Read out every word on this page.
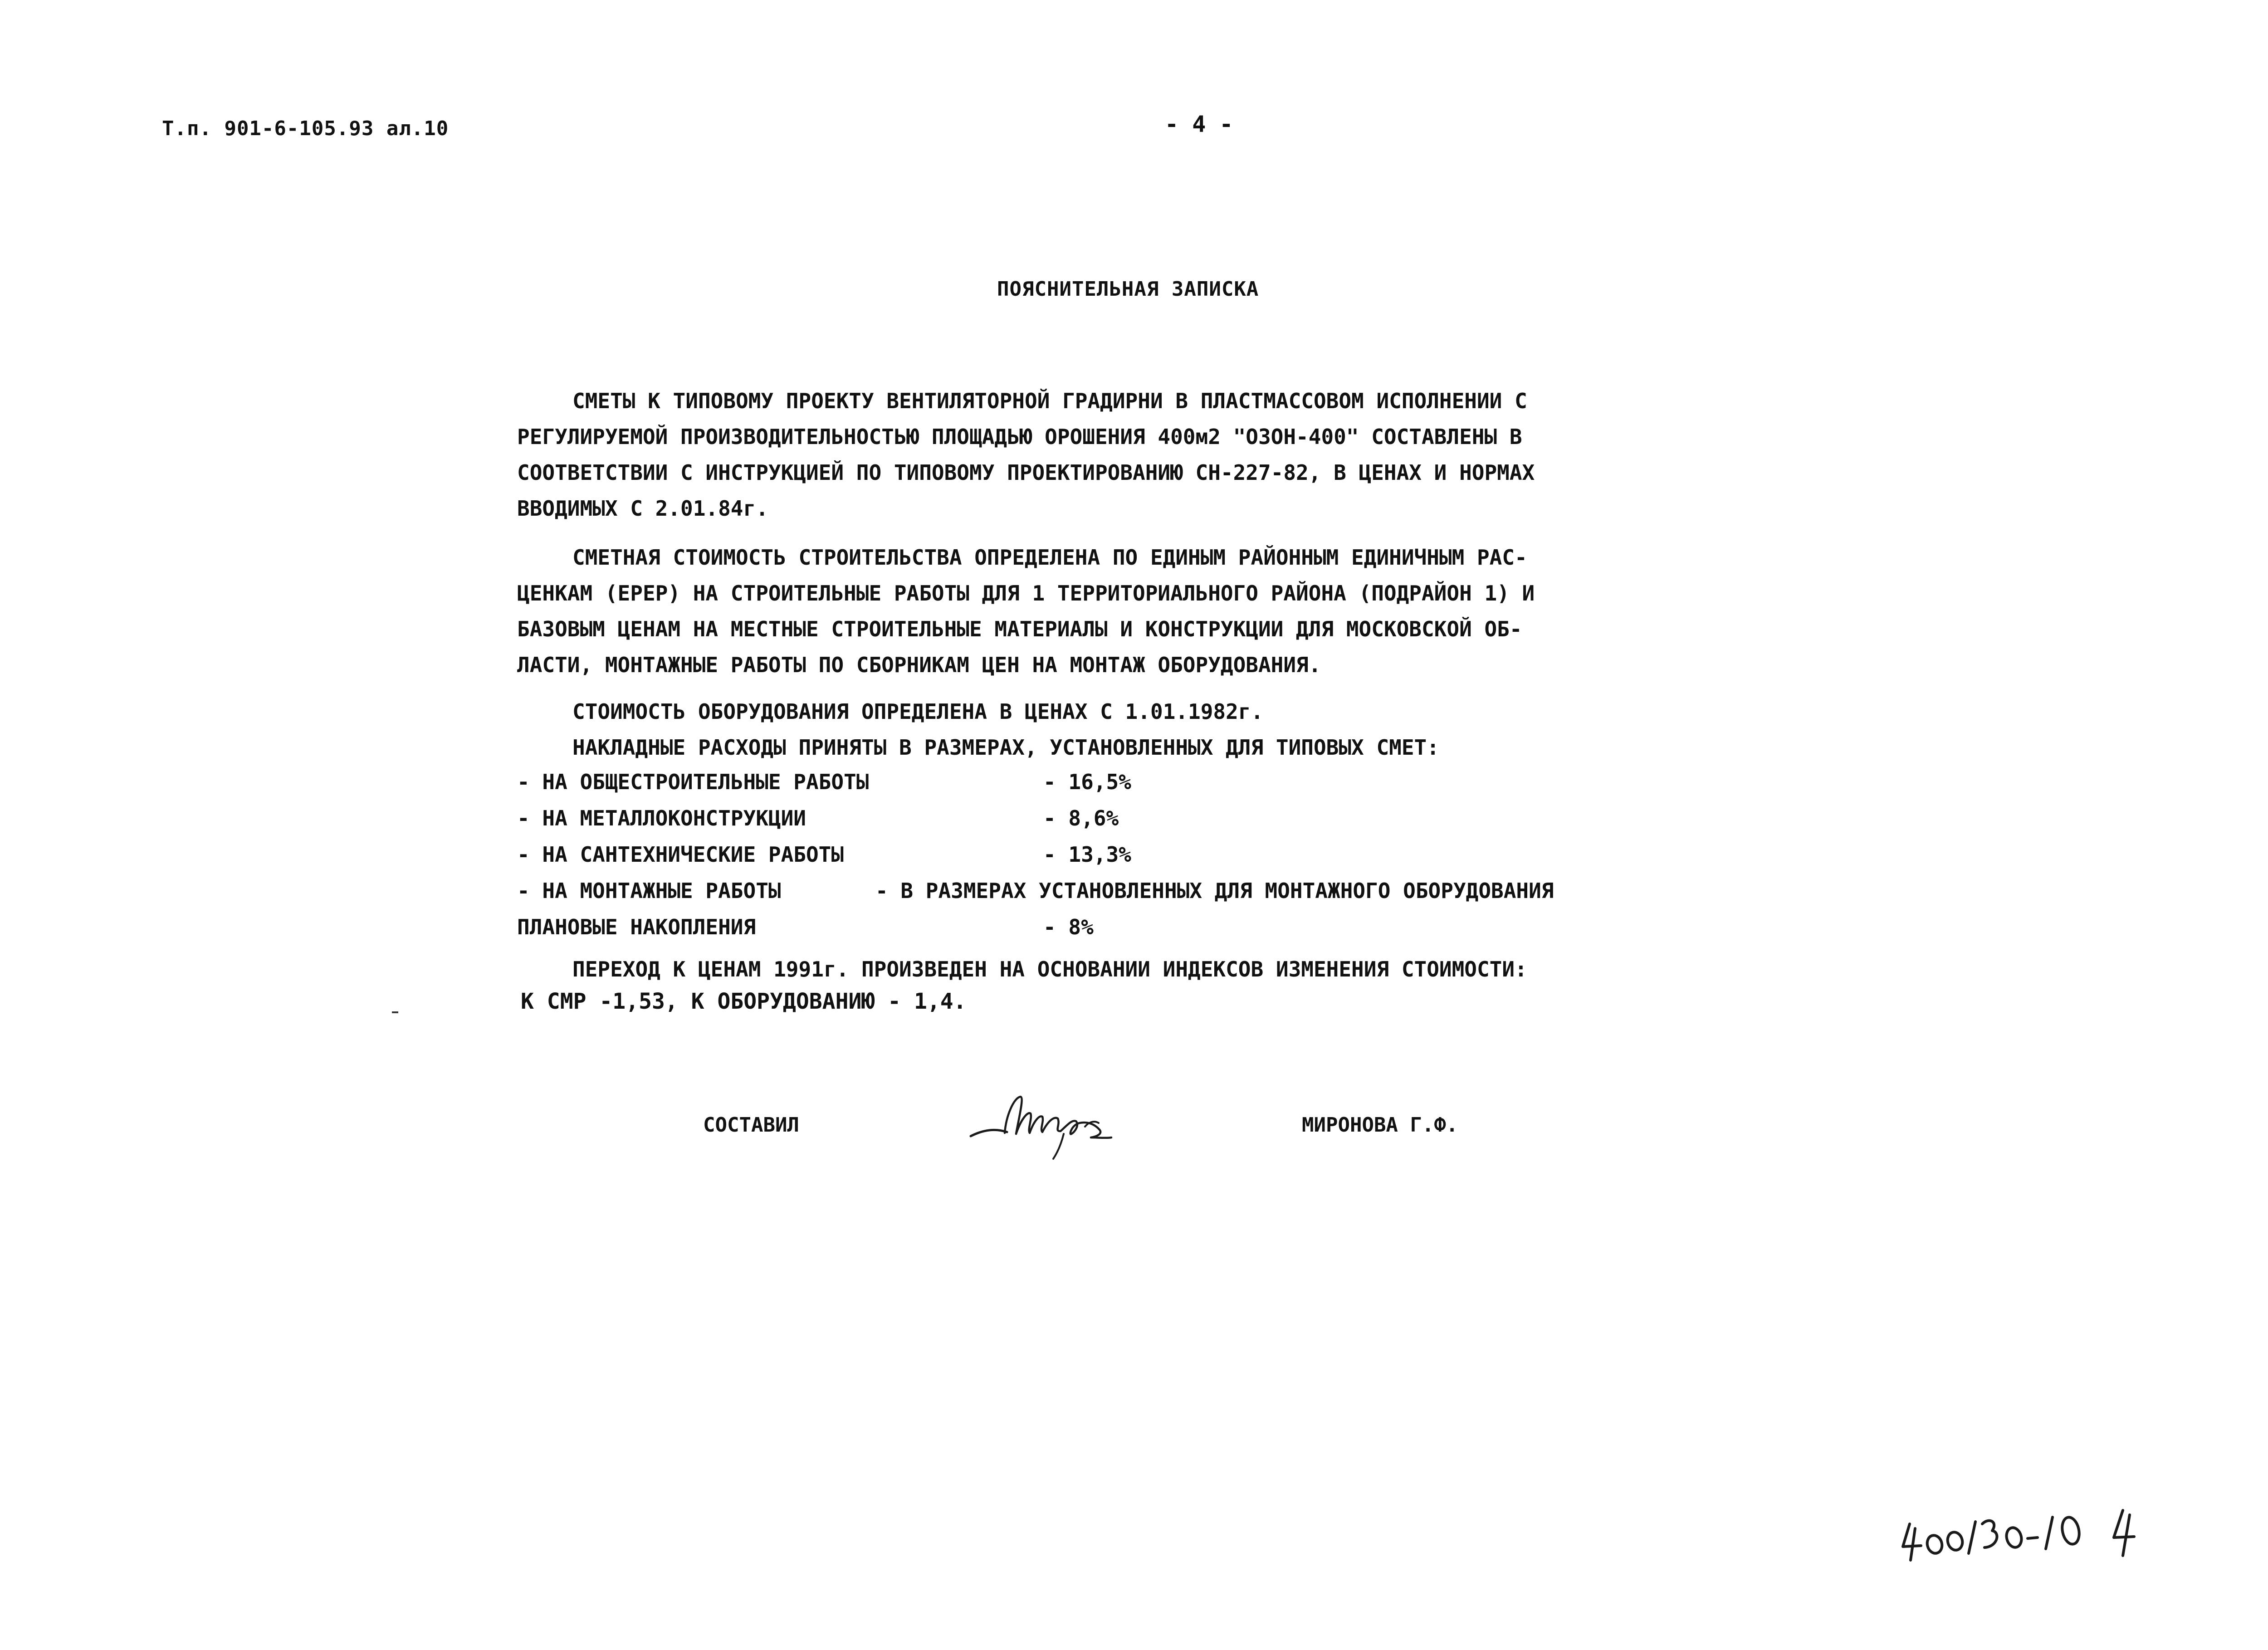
Т.п. 901-6-105.93 ал.10	- 4 -
ПОЯСНИТЕЛЬНАЯ ЗАПИСКА
СМЕТЫ К ТИПОВОМУ ПРОЕКТУ ВЕНТИЛЯТОРНОЙ ГРАДИРНИ В ПЛАСТМАССОВОМ ИСПОЛНЕНИИ С
РЕГУЛИРУЕМОЙ ПРОИЗВОДИТЕЛЬНОСТЬЮ ПЛОЩАДЬЮ ОРОШЕНИЯ 400м2 "ОЗОН-400" СОСТАВЛЕНЫ В
СООТВЕТСТВИИ С ИНСТРУКЦИЕЙ ПО ТИПОВОМУ ПРОЕКТИРОВАНИЮ СН-227-82, В ЦЕНАХ И НОРМАХ
ВВОДИМЫХ С 2.01.84г.
СМЕТНАЯ СТОИМОСТЬ СТРОИТЕЛЬСТВА ОПРЕДЕЛЕНА ПО ЕДИНЫМ РАЙОННЫМ ЕДИНИЧНЫМ РАС-
ЦЕНКАМ (ЕРЕР) НА СТРОИТЕЛЬНЫЕ РАБОТЫ ДЛЯ 1 ТЕРРИТОРИАЛЬНОГО РАЙОНА (ПОДРАЙОН 1) И
БАЗОВЫМ ЦЕНАМ НА МЕСТНЫЕ СТРОИТЕЛЬНЫЕ МАТЕРИАЛЫ И КОНСТРУКЦИИ ДЛЯ МОСКОВСКОЙ ОБ-
ЛАСТИ, МОНТАЖНЫЕ РАБОТЫ ПО СБОРНИКАМ ЦЕН НА МОНТАЖ ОБОРУДОВАНИЯ.
СТОИМОСТЬ ОБОРУДОВАНИЯ ОПРЕДЕЛЕНА В ЦЕНАХ С 1.01.1982г.
НАКЛАДНЫЕ РАСХОДЫ ПРИНЯТЫ В РАЗМЕРАХ, УСТАНОВЛЕННЫХ ДЛЯ ТИПОВЫХ СМЕТ:
- НА ОБЩЕСТРОИТЕЛЬНЫЕ РАБОТЫ	- 16,5%
- НА МЕТАЛЛОКОНСТРУКЦИИ	- 8,6%
- НА САНТЕХНИЧЕСКИЕ РАБОТЫ	- 13,3%
- НА МОНТАЖНЫЕ РАБОТЫ	- В РАЗМЕРАХ УСТАНОВЛЕННЫХ ДЛЯ МОНТАЖНОГО ОБОРУДОВАНИЯ
ПЛАНОВЫЕ НАКОПЛЕНИЯ	- 8%
ПЕРЕХОД К ЦЕНАМ 1991г. ПРОИЗВЕДЕН НА ОСНОВАНИИ ИНДЕКСОВ ИЗМЕНЕНИЯ СТОИМОСТИ:
К СМР -1,53, К ОБОРУДОВАНИЮ - 1,4.
СОСТАВИЛ	МИРОНОВА Г.Ф.
